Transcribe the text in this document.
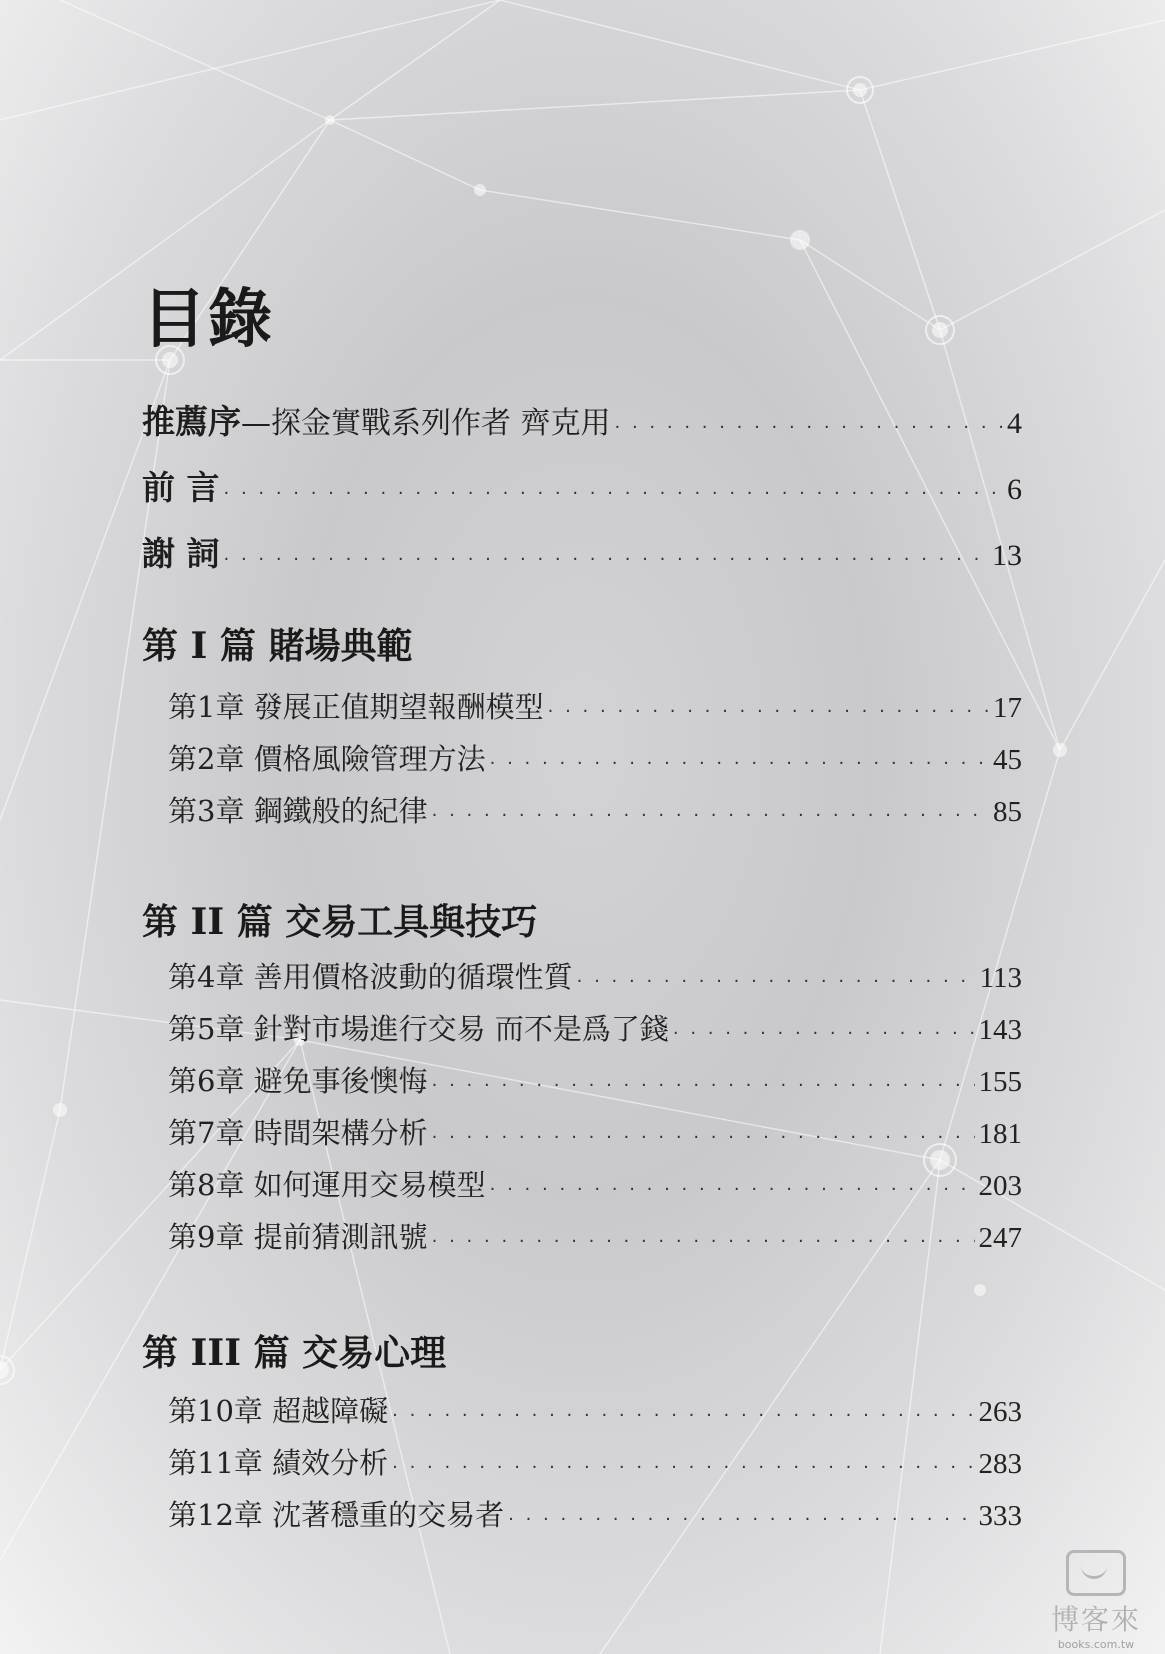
目錄
推薦序—探金實戰系列作者 齊克用 · · ·	4
前 言 · · ·	6
謝 詞 · · ·	13
第 I 篇 賭場典範
第1章 發展正值期望報酬模型 · · ·	17
第2章 價格風險管理方法 · · ·	45
第3章 鋼鐵般的紀律 · · ·	85
第 II 篇 交易工具與技巧
第4章 善用價格波動的循環性質 · · ·	113
第5章 針對市場進行交易 而不是爲了錢 · · ·	143
第6章 避免事後懊悔 · · ·	155
第7章 時間架構分析 · · ·	181
第8章 如何運用交易模型 · · ·	203
第9章 提前猜測訊號 · · ·	247
第 III 篇 交易心理
第10章 超越障礙 · · ·	263
第11章 績效分析 · · ·	283
第12章 沈著穩重的交易者 · · ·	333
博客來
books.com.tw
